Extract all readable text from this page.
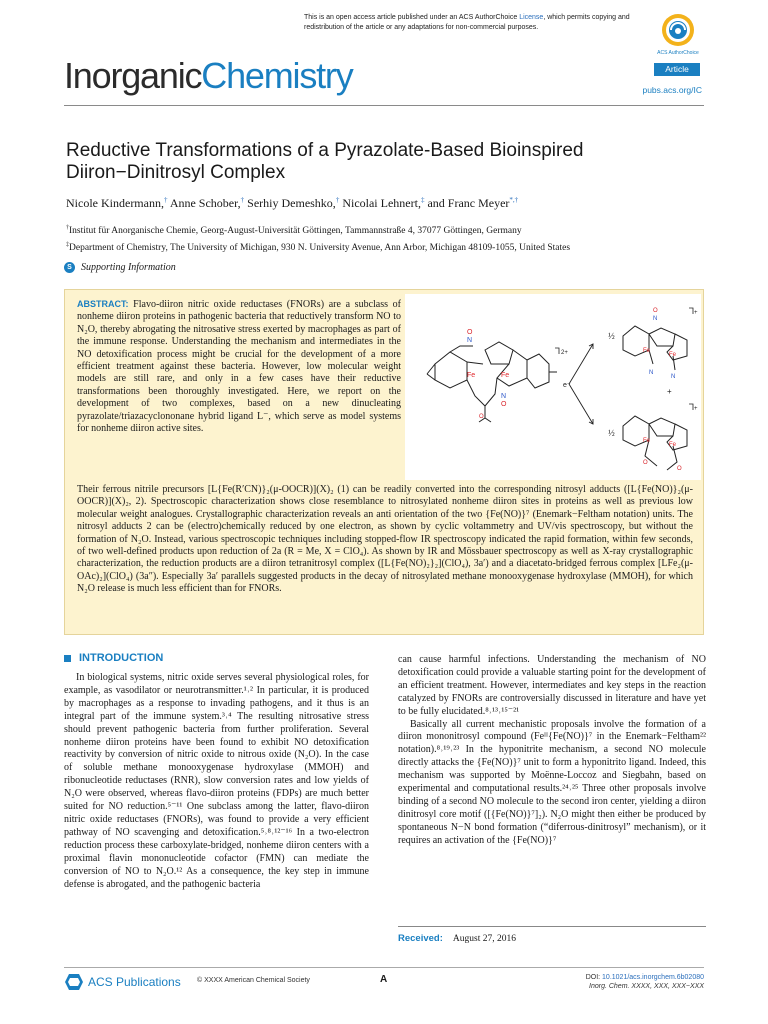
This is an open access article published under an ACS AuthorChoice License, which permits copying and redistribution of the article or any adaptations for non-commercial purposes.
ACS AuthorChoice
InorganicChemistry	Article
pubs.acs.org/IC
Reductive Transformations of a Pyrazolate-Based Bioinspired Diiron−Dinitrosyl Complex
Nicole Kindermann,† Anne Schober,† Serhiy Demeshko,† Nicolai Lehnert,‡ and Franc Meyer*,†
†Institut für Anorganische Chemie, Georg-August-Universität Göttingen, Tammannstraße 4, 37077 Göttingen, Germany
‡Department of Chemistry, The University of Michigan, 930 N. University Avenue, Ann Arbor, Michigan 48109-1055, United States
S Supporting Information
ABSTRACT: Flavo-diiron nitric oxide reductases (FNORs) are a subclass of nonheme diiron proteins in pathogenic bacteria that reductively transform NO to N₂O, thereby abrogating the nitrosative stress exerted by macrophages as part of the immune response. Understanding the mechanism and intermediates in the NO detoxification process might be crucial for the development of a more efficient treatment against these bacteria. However, low molecular weight models are still rare, and only in a few cases have their reductive transformations been thoroughly investigated. Here, we report on the development of two complexes, based on a new dinucleating pyrazolate/triazacyclononane hybrid ligand L⁻, which serve as model systems for nonheme diiron active sites.
Fe	Fe
N
O
N
O
O
2+
e⁻
½
½
+
Fe
Fe
O
N
N
N
+
Fe
Fe
O
O
+
Their ferrous nitrile precursors [L{Fe(R′CN)}₂(μ-OOCR)](X)₂ (1) can be readily converted into the corresponding nitrosyl adducts ([L{Fe(NO)}₂(μ-OOCR)](X)₂, 2). Spectroscopic characterization shows close resemblance to nitrosylated nonheme diiron sites in proteins as well as previous low molecular weight analogues. Crystallographic characterization reveals an anti orientation of the two {Fe(NO)}⁷ (Enemark−Feltham notation) units. The nitrosyl adducts 2 can be (electro)chemically reduced by one electron, as shown by cyclic voltammetry and UV/vis spectroscopy, but without the formation of N₂O. Instead, various spectroscopic techniques including stopped-flow IR spectroscopy indicated the rapid formation, within few seconds, of two well-defined products upon reduction of 2a (R = Me, X = ClO₄). As shown by IR and Mössbauer spectroscopy as well as X-ray crystallographic characterization, the reduction products are a diiron tetranitrosyl complex ([L{Fe(NO)₂}₂](ClO₄), 3a′) and a diacetato-bridged ferrous complex [LFe₂(μ-OAc)₂](ClO₄) (3a″). Especially 3a′ parallels suggested products in the decay of nitrosylated methane monooxygenase hydroxylase (MMOH), for which N₂O release is much less efficient than for FNORs.
INTRODUCTION

In biological systems, nitric oxide serves several physiological roles, for example, as vasodilator or neurotransmitter.¹˒² In particular, it is produced by macrophages as a response to invading pathogens, and it thus is an integral part of the immune system.³˒⁴ The resulting nitrosative stress should prevent pathogenic bacteria from further proliferation. Several nonheme diiron proteins have been found to exhibit NO detoxification reactivity by conversion of nitric oxide to nitrous oxide (N₂O). In the case of soluble methane monooxygenase hydroxylase (MMOH) and ribonucleotide reductases (RNR), slow conversion rates and low yields of N₂O were observed, whereas flavo-diiron proteins (FDPs) are much better suited for NO reduction.⁵⁻¹¹ One subclass among the latter, flavo-diiron nitric oxide reductases (FNORs), was found to provide a very efficient pathway of NO scavenging and detoxification.⁵˒⁸˒¹²⁻¹⁶ In a two-electron reduction process these carboxylate-bridged, nonheme diiron centers with a proximal flavin mononucleotide cofactor (FMN) can mediate the conversion of NO to N₂O.¹² As a consequence, the key step in immune defense is abrogated, and the pathogenic bacteria

can cause harmful infections. Understanding the mechanism of NO detoxification could provide a valuable starting point for the development of an efficient treatment. However, intermediates and key steps in the reaction catalyzed by FNORs are controversially discussed in literature and have yet to be fully elucidated.⁸˒¹³˒¹⁵⁻²¹

Basically all current mechanistic proposals involve the formation of a diiron mononitrosyl compound (Feᴵᴵ{Fe(NO)}⁷ in the Enemark−Feltham²² notation).⁸˒¹⁹˒²³ In the hyponitrite mechanism, a second NO molecule directly attacks the {Fe(NO)}⁷ unit to form a hyponitrito ligand. Indeed, this mechanism was supported by Moënne-Loccoz and Siegbahn, based on experimental and computational results.²⁴˒²⁵ Three other proposals involve binding of a second NO molecule to the second iron center, yielding a diiron dinitrosyl core motif ([{Fe(NO)}⁷]₂). N₂O might then either be produced by spontaneous N−N bond formation (“diferrous-dinitrosyl” mechanism), or it requires an activation of the {Fe(NO)}⁷

Received: August 27, 2016
ACS Publications © XXXX American Chemical Society	A	DOI: 10.1021/acs.inorgchem.6b02080
Inorg. Chem. XXXX, XXX, XXX−XXX
